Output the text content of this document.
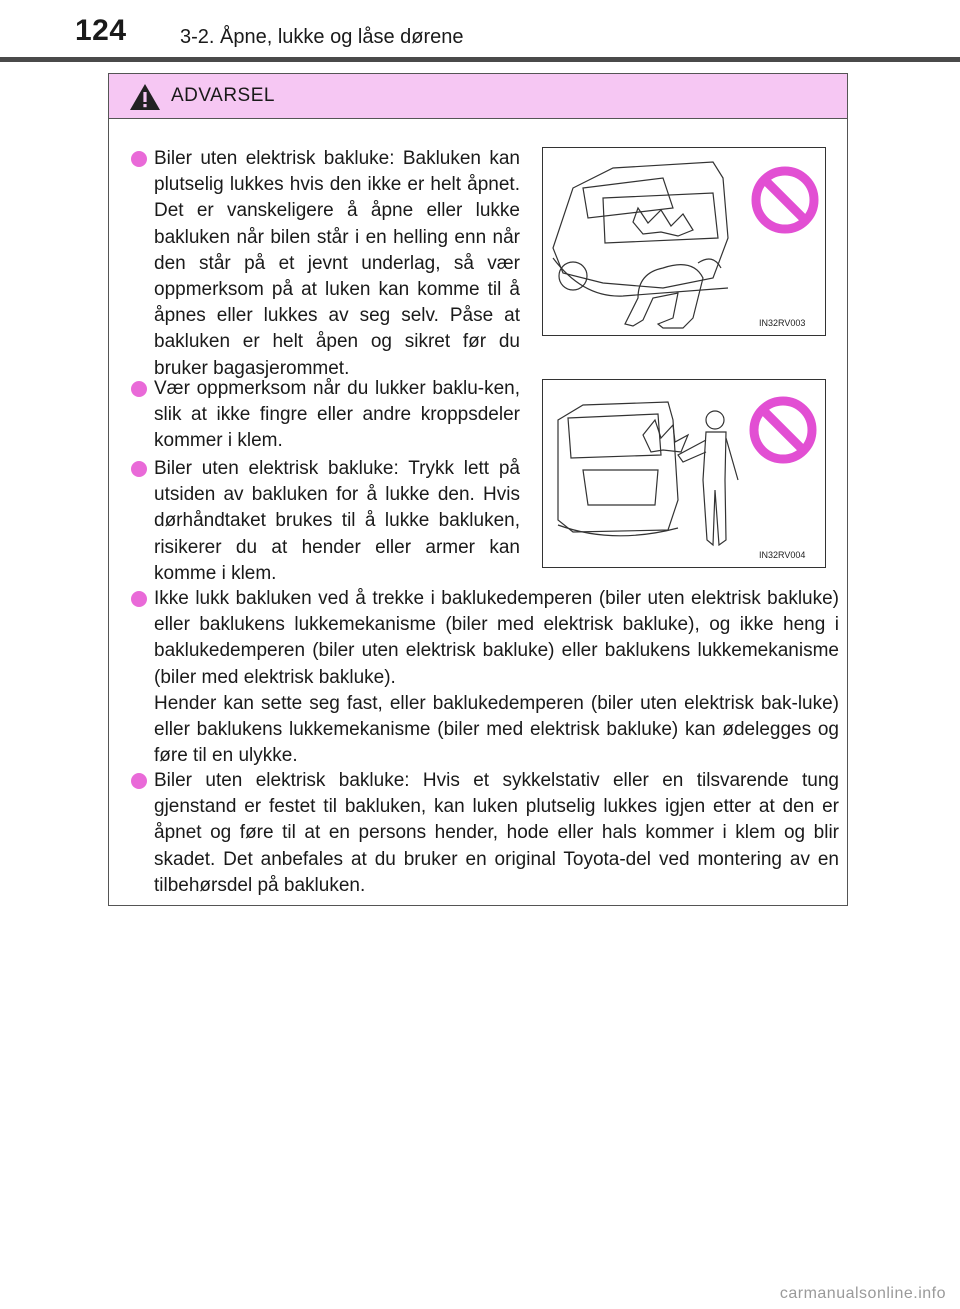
124	3-2. Åpne, lukke og låse dørene
ADVARSEL
Biler uten elektrisk bakluke: Bakluken kan plutselig lukkes hvis den ikke er helt åpnet. Det er vanskeligere å åpne eller lukke bakluken når bilen står i en helling enn når den står på et jevnt underlag, så vær oppmerksom på at luken kan komme til å åpnes eller lukkes av seg selv. Påse at bakluken er helt åpen og sikret før du bruker bagasjerommet.
IN32RV003
Vær oppmerksom når du lukker baklu-ken, slik at ikke fingre eller andre kroppsdeler kommer i klem.
Biler uten elektrisk bakluke: Trykk lett på utsiden av bakluken for å lukke den. Hvis dørhåndtaket brukes til å lukke bakluken, risikerer du at hender eller armer kan komme i klem.
IN32RV004
Ikke lukk bakluken ved å trekke i baklukedemperen (biler uten elektrisk bakluke) eller baklukens lukkemekanisme (biler med elektrisk bakluke), og ikke heng i baklukedemperen (biler uten elektrisk bakluke) eller baklukens lukkemekanisme (biler med elektrisk bakluke).
Hender kan sette seg fast, eller baklukedemperen (biler uten elektrisk bak-luke) eller baklukens lukkemekanisme (biler med elektrisk bakluke) kan ødelegges og føre til en ulykke.
Biler uten elektrisk bakluke: Hvis et sykkelstativ eller en tilsvarende tung gjenstand er festet til bakluken, kan luken plutselig lukkes igjen etter at den er åpnet og føre til at en persons hender, hode eller hals kommer i klem og blir skadet. Det anbefales at du bruker en original Toyota-del ved montering av en tilbehørsdel på bakluken.
carmanualsonline.info
